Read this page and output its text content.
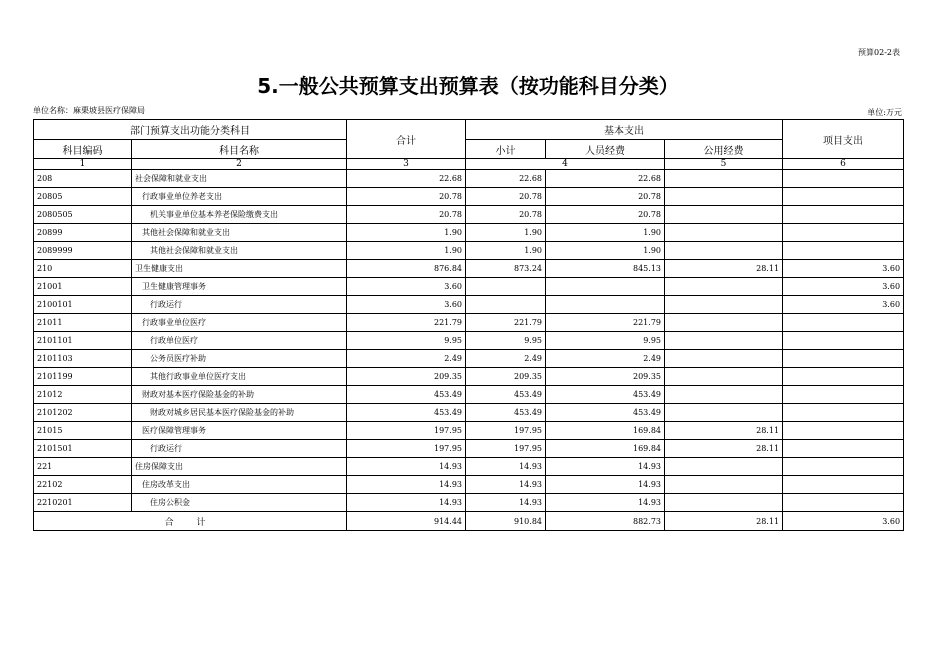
预算02-2表
5.一般公共预算支出预算表（按功能科目分类）
单位名称：麻栗坡县医疗保障局	单位:万元
部门预算支出功能分类科目		合计	基本支出			项目支出
科目编码	科目名称		小计	人员经费	公用经费	
1	2	3	4		5	6
208	社会保障和就业支出	22.68	22.68	22.68		
20805	行政事业单位养老支出	20.78	20.78	20.78		
2080505	机关事业单位基本养老保险缴费支出	20.78	20.78	20.78		
20899	其他社会保障和就业支出	1.90	1.90	1.90		
2089999	其他社会保障和就业支出	1.90	1.90	1.90		
210	卫生健康支出	876.84	873.24	845.13	28.11	3.60
21001	卫生健康管理事务	3.60				3.60
2100101	行政运行	3.60				3.60
21011	行政事业单位医疗	221.79	221.79	221.79		
2101101	行政单位医疗	9.95	9.95	9.95		
2101103	公务员医疗补助	2.49	2.49	2.49		
2101199	其他行政事业单位医疗支出	209.35	209.35	209.35		
21012	财政对基本医疗保险基金的补助	453.49	453.49	453.49		
2101202	财政对城乡居民基本医疗保险基金的补助	453.49	453.49	453.49		
21015	医疗保障管理事务	197.95	197.95	169.84	28.11	
2101501	行政运行	197.95	197.95	169.84	28.11	
221	住房保障支出	14.93	14.93	14.93		
22102	住房改革支出	14.93	14.93	14.93		
2210201	住房公积金	14.93	14.93	14.93		
合 计		914.44	910.84	882.73	28.11	3.60
